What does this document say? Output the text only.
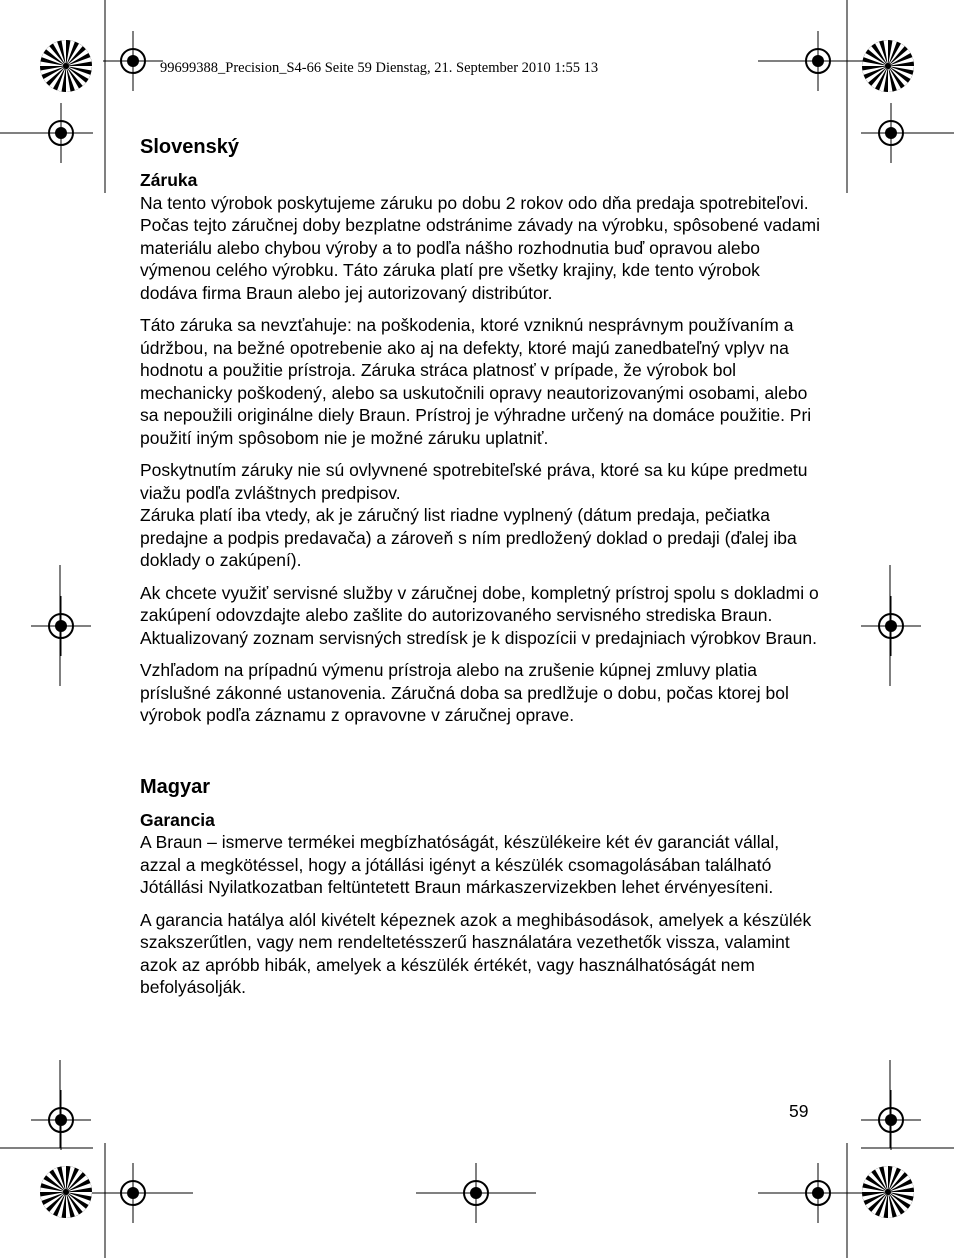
99699388_Precision_S4-66 Seite 59 Dienstag, 21. September 2010 1:55 13
Slovenský
Záruka

Na tento výrobok poskytujeme záruku po dobu 2 rokov odo dňa predaja spotrebiteľovi. Počas tejto záručnej doby bezplatne odstránime závady na výrobku, spôsobené vadami materiálu alebo chybou výroby a to podľa nášho rozhodnutia buď opravou alebo výmenou celého výrobku. Táto záruka platí pre všetky krajiny, kde tento výrobok dodáva firma Braun alebo jej autorizovaný distribútor.

Táto záruka sa nevzťahuje: na poškodenia, ktoré vzniknú nesprávnym používaním a údržbou, na bežné opotrebenie ako aj na defekty, ktoré majú zanedbateľný vplyv na hodnotu a použitie prístroja. Záruka stráca platnosť v prípade, že výrobok bol mechanicky poškodený, alebo sa uskutočnili opravy neautorizovanými osobami, alebo sa nepoužili originálne diely Braun. Prístroj je výhradne určený na domáce použitie. Pri použití iným spôsobom nie je možné záruku uplatniť.

Poskytnutím záruky nie sú ovlyvnené spotrebiteľské práva, ktoré sa ku kúpe predmetu viažu podľa zvláštnych predpisov.
Záruka platí iba vtedy, ak je záručný list riadne vyplnený (dátum predaja, pečiatka predajne a podpis predavača) a zároveň s ním predložený doklad o predaji (ďalej iba doklady o zakúpení).

Ak chcete využiť servisné služby v záručnej dobe, kompletný prístroj spolu s dokladmi o zakúpení odovzdajte alebo zašlite do autorizovaného servisného strediska Braun. Aktualizovaný zoznam servisných stredísk je k dispozícii v predajniach výrobkov Braun.

Vzhľadom na prípadnú výmenu prístroja alebo na zrušenie kúpnej zmluvy platia príslušné zákonné ustanovenia. Záručná doba sa predlžuje o dobu, počas ktorej bol výrobok podľa záznamu z opravovne v záručnej oprave.

Magyar
Garancia

A Braun – ismerve termékei megbízhatóságát, készülékeire két év garanciát vállal, azzal a megkötéssel, hogy a jótállási igényt a készülék csomagolásában található Jótállási Nyilatkozatban feltüntetett Braun márkaszervizekben lehet érvényesíteni.

A garancia hatálya alól kivételt képeznek azok a meghibásodások, amelyek a készülék szakszerűtlen, vagy nem rendeltetésszerű használatára vezethetők vissza, valamint azok az apróbb hibák, amelyek a készülék értékét, vagy használhatóságát nem befolyásolják.

59
